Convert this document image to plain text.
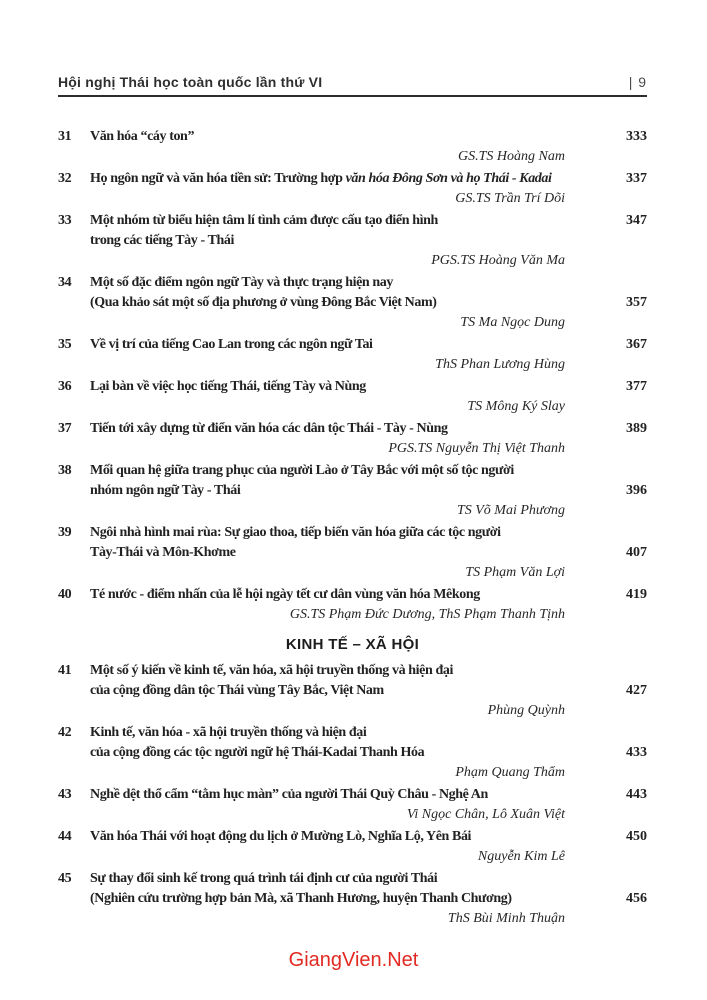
Hội nghị Thái học toàn quốc lần thứ VI	| 9
31	Văn hóa “cáy ton”	333
GS.TS Hoàng Nam
32	Họ ngôn ngữ và văn hóa tiền sử: Trường hợp văn hóa Đông Sơn và họ Thái - Kadai	337
GS.TS Trần Trí Dõi
33	Một nhóm từ biểu hiện tâm lí tình cảm được cấu tạo điển hình	347
trong các tiếng Tày - Thái
PGS.TS Hoàng Văn Ma
34	Một số đặc điểm ngôn ngữ Tày và thực trạng hiện nay
(Qua khảo sát một số địa phương ở vùng Đông Bắc Việt Nam)	357
TS Ma Ngọc Dung
35	Về vị trí của tiếng Cao Lan trong các ngôn ngữ Tai	367
ThS Phan Lương Hùng
36	Lại bàn về việc học tiếng Thái, tiếng Tày và Nùng	377
TS Mông Ký Slay
37	Tiến tới xây dựng từ điển văn hóa các dân tộc Thái - Tày - Nùng	389
PGS.TS Nguyễn Thị Việt Thanh
38	Mối quan hệ giữa trang phục của người Lào ở Tây Bắc với một số tộc người
nhóm ngôn ngữ Tày - Thái	396
TS Võ Mai Phương
39	Ngôi nhà hình mai rùa: Sự giao thoa, tiếp biến văn hóa giữa các tộc người
Tày-Thái và Môn-Khơme	407
TS Phạm Văn Lợi
40	Té nước - điểm nhấn của lễ hội ngày tết cư dân vùng văn hóa Mêkong	419
GS.TS Phạm Đức Dương, ThS Phạm Thanh Tịnh
KINH TẾ – XÃ HỘI
41	Một số ý kiến về kinh tế, văn hóa, xã hội truyền thống và hiện đại
của cộng đồng dân tộc Thái vùng Tây Bắc, Việt Nam	427
Phùng Quỳnh
42	Kinh tế, văn hóa - xã hội truyền thống và hiện đại
của cộng đồng các tộc người ngữ hệ Thái-Kadai Thanh Hóa	433
Phạm Quang Thẩm
43	Nghề dệt thổ cẩm “tằm hục màn” của người Thái Quỳ Châu - Nghệ An	443
Vi Ngọc Chân, Lô Xuân Việt
44	Văn hóa Thái với hoạt động du lịch ở Mường Lò, Nghĩa Lộ, Yên Bái	450
Nguyễn Kim Lê
45	Sự thay đổi sinh kế trong quá trình tái định cư của người Thái
(Nghiên cứu trường hợp bản Mà, xã Thanh Hương, huyện Thanh Chương)	456
ThS Bùi Minh Thuận
GiangVien.Net
